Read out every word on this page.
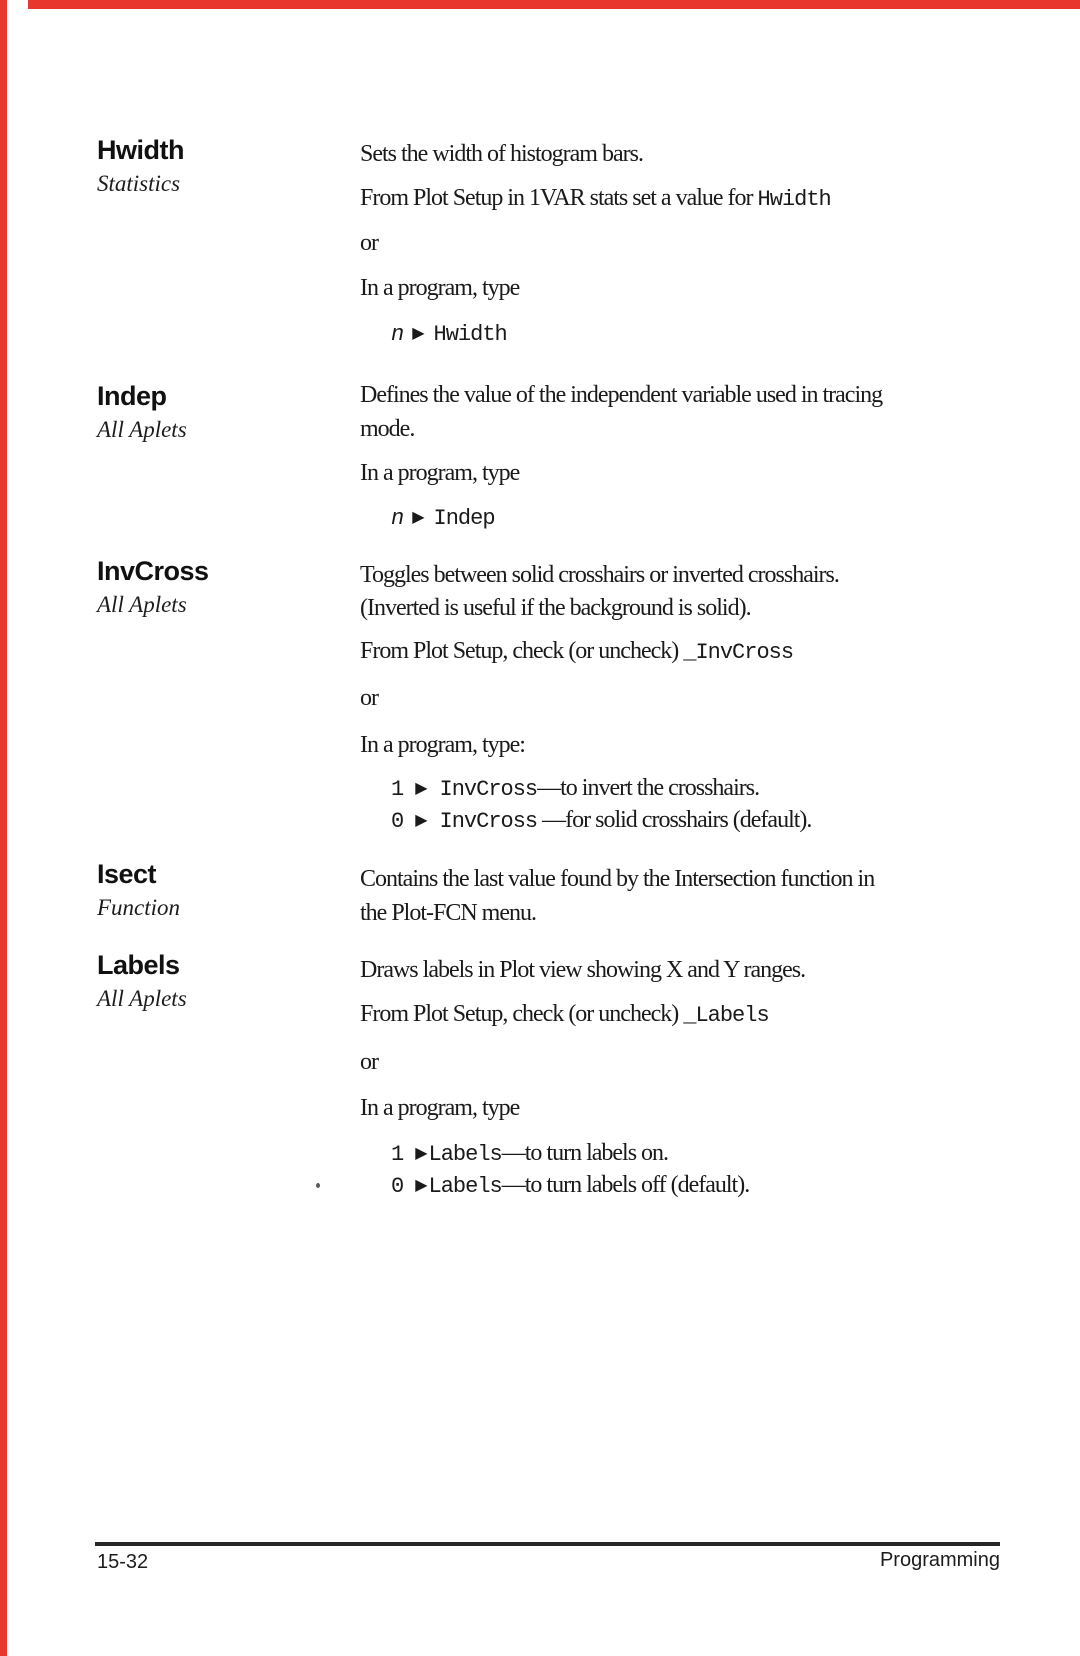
Hwidth
Statistics
Sets the width of histogram bars.
From Plot Setup in 1VAR stats set a value for Hwidth
or
In a program, type
n ▶ Hwidth
Indep
All Aplets
Defines the value of the independent variable used in tracing
mode.
In a program, type
n ▶ Indep
InvCross
All Aplets
Toggles between solid crosshairs or inverted crosshairs.
(Inverted is useful if the background is solid).
From Plot Setup, check (or uncheck) _InvCross
or
In a program, type:
1 ▶ InvCross—to invert the crosshairs.
0 ▶ InvCross —for solid crosshairs (default).
Isect
Function
Contains the last value found by the Intersection function in
the Plot-FCN menu.
Labels
All Aplets
Draws labels in Plot view showing X and Y ranges.
From Plot Setup, check (or uncheck) _Labels
or
In a program, type
1 ▶Labels—to turn labels on.
0 ▶Labels—to turn labels off (default).
15-32	Programming
